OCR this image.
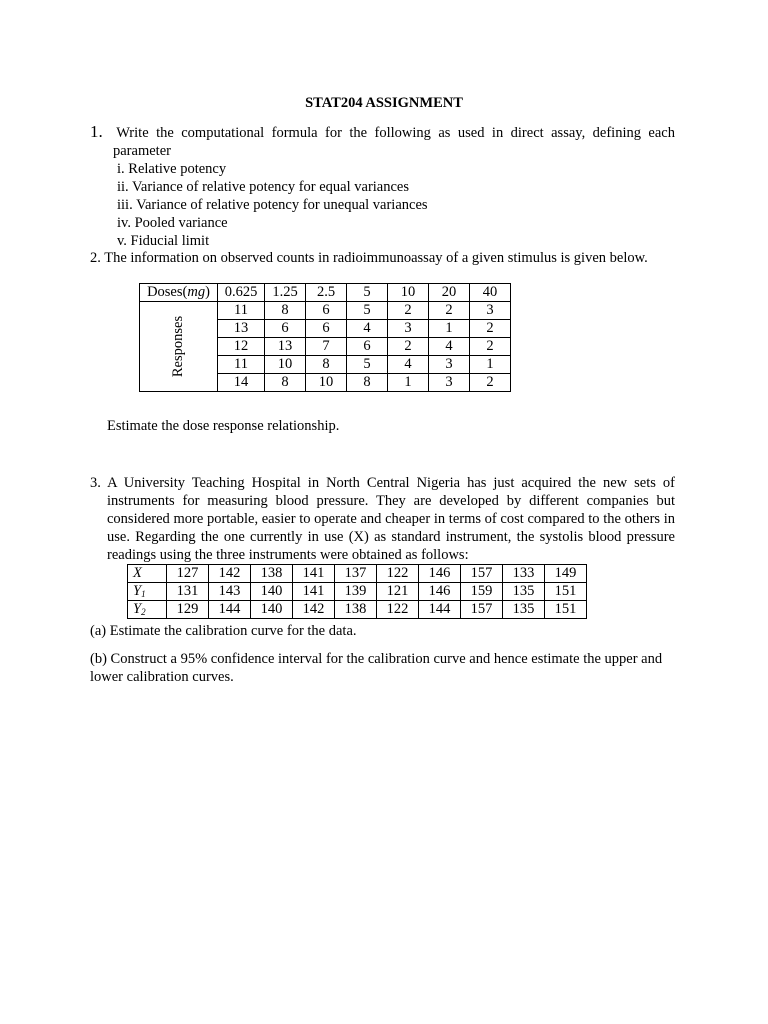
STAT204 ASSIGNMENT
1. Write the computational formula for the following as used in direct assay, defining each parameter
i. Relative potency
ii. Variance of relative potency for equal variances
iii. Variance of relative potency for unequal variances
iv. Pooled variance
v. Fiducial limit
2. The information on observed counts in radioimmunoassay of a given stimulus is given below.
Doses(mg)	0.625	1.25	2.5	5	10	20	40
Responses	11	8	6	5	2	2	3
	13	6	6	4	3	1	2
	12	13	7	6	2	4	2
	11	10	8	5	4	3	1
	14	8	10	8	1	3	2
Estimate the dose response relationship.

3. A University Teaching Hospital in North Central Nigeria has just acquired the new sets of instruments for measuring blood pressure. They are developed by different companies but considered more portable, easier to operate and cheaper in terms of cost compared to the others in use. Regarding the one currently in use (X) as standard instrument, the systolis blood pressure readings using the three instruments were obtained as follows:

X	127	142	138	141	137	122	146	157	133	149
$Y_1$	131	143	140	141	139	121	146	159	135	151
$Y_2$	129	144	140	142	138	122	144	157	135	151
(a) Estimate the calibration curve for the data.
(b) Construct a 95% confidence interval for the calibration curve and hence estimate the upper and lower calibration curves.
